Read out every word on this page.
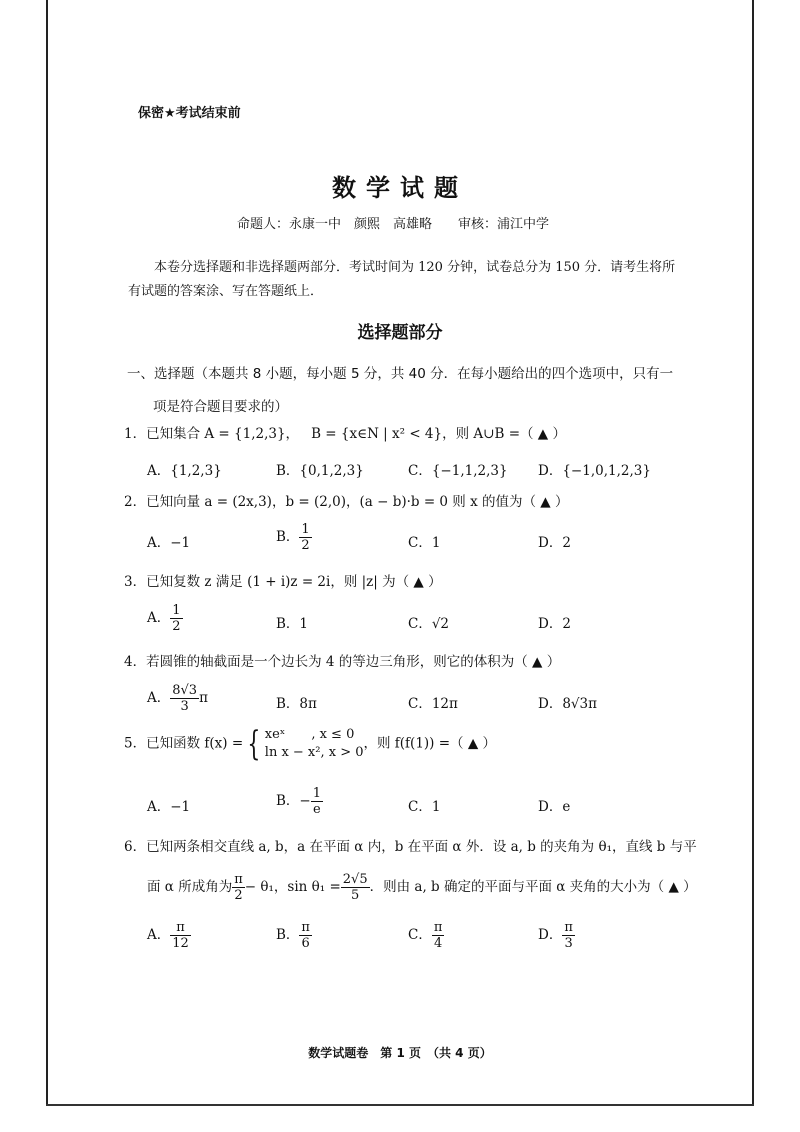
保密★考试结束前
数学试题
命题人：永康一中　颜熙　高雄略　　审核：浦江中学
本卷分选择题和非选择题两部分．考试时间为 120 分钟，试卷总分为 150 分．请考生将所有试题的答案涂、写在答题纸上．
选择题部分
一、选择题（本题共 8 小题，每小题 5 分，共 40 分．在每小题给出的四个选项中，只有一
项是符合题目要求的）
1．已知集合 A = {1,2,3}， B = {x∈N | x² < 4}，则 A∪B =（ ▲ ）
A．{1,2,3}	B．{0,1,2,3}	C．{−1,1,2,3} D．{−1,0,1,2,3}
2．已知向量 a = (2x,3)，b = (2,0)，(a − b)·b = 0 则 x 的值为（ ▲ ）
A．−1	B． $\frac{1}{2}$	C．1	D．2
3．已知复数 z 满足 (1 + i)z = 2i，则 |z| 为（ ▲ ）
A． $\frac{1}{2}$	B．1	C．√2	D．2
4．若圆锥的轴截面是一个边长为 4 的等边三角形，则它的体积为（ ▲ ）
A． $\frac{8√3}{3}$ π	B．8π	C．12π	D．8√3π
5．已知函数 f(x) = { xeˣ　　, x ≤ 0
ln x − x², x > 0
，则 f(f(1)) =（ ▲ ）
A．−1	B．− $\frac{1}{e}$	C．1	D．e
6．已知两条相交直线 a, b，a 在平面 α 内，b 在平面 α 外．设 a, b 的夹角为 θ₁，直线 b 与平
面 α 所成角为 $\frac{\pi}{2} - \theta_1$，$\sin \theta_1 = \frac{2√5}{5}$ ．则由 a, b 确定的平面与平面 α 夹角的大小为（ ▲ ）
A． $\frac{\pi}{12}$	B． $\frac{\pi}{6}$	C． $\frac{\pi}{4}$	D． $\frac{\pi}{3}$
数学试题卷　第 1 页　（共 4 页）
